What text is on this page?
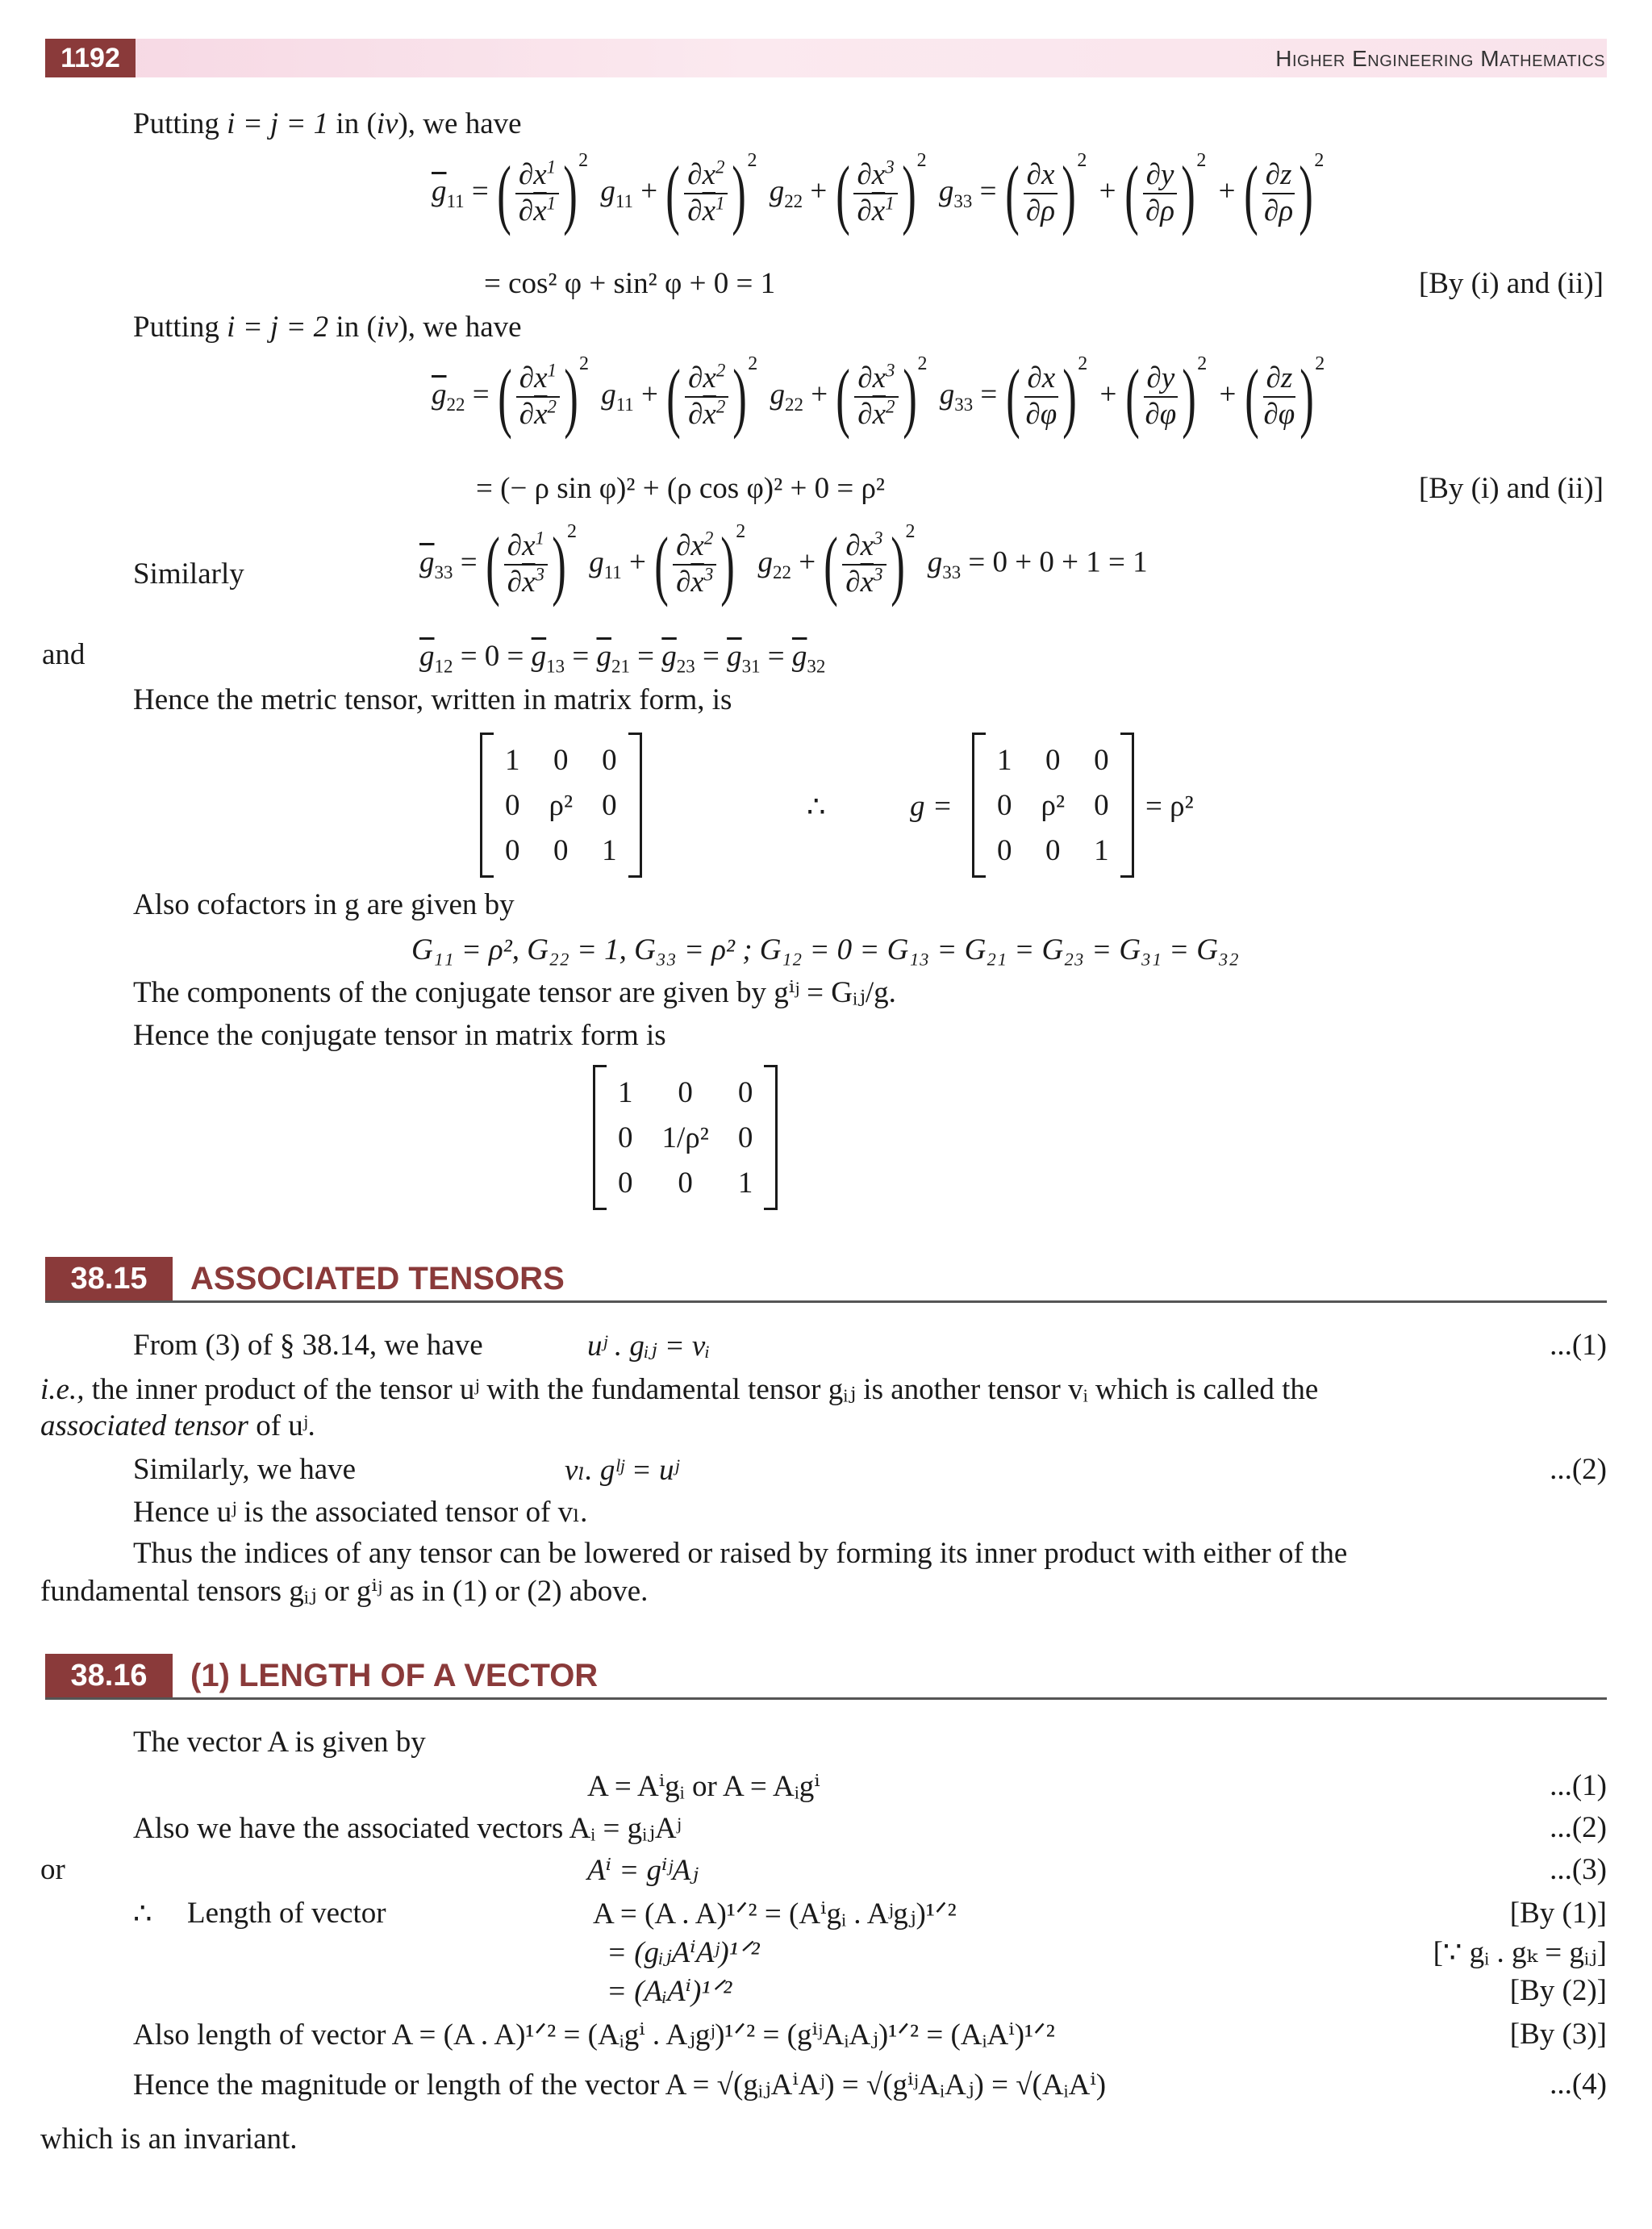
1192	Higher Engineering Mathematics
Putting i = j = 1 in (iv), we have
$\overline{g}_{11}$ = ( $\frac{\partial x^1}{\partial\overline{x}^1} )^2$ $g_{11}$ + ( $\frac{\partial x^2}{\partial\overline{x}^1} )^2$ $g_{22}$ + ( $\frac{\partial x^3}{\partial\overline{x}^1} )^2$ $g_{33}$ = ( $\frac{\partial x}{\partial\rho} )^2$ + ( $\frac{\partial y}{\partial\rho} )^2$ + ( $\frac{\partial z}{\partial\rho} )^2$
= cos² φ + sin² φ + 0 = 1	[By (i) and (ii)]
Putting i = j = 2 in (iv), we have
$\overline{g}_{22}$ = ( $\frac{\partial x^1}{\partial\overline{x}^2} )^2$ $g_{11}$ + ( $\frac{\partial x^2}{\partial\overline{x}^2} )^2$ $g_{22}$ + ( $\frac{\partial x^3}{\partial\overline{x}^2} )^2$ $g_{33}$ = ( $\frac{\partial x}{\partial\varphi} )^2$ + ( $\frac{\partial y}{\partial\varphi} )^2$ + ( $\frac{\partial z}{\partial\varphi} )^2$
= (− ρ sin φ)² + (ρ cos φ)² + 0 = ρ²	[By (i) and (ii)]
Similarly	$\overline{g}_{33}$ = ( $\frac{\partial x^1}{\partial\overline{x}^3} )^2$ $g_{11}$ + ( $\frac{\partial x^2}{\partial\overline{x}^3} )^2$ $g_{22}$ + ( $\frac{\partial x^3}{\partial\overline{x}^3} )^2$ $g_{33} = 0 + 0 + 1 = 1$
and	$\overline{g}_{12} = 0 = \overline{g}_{13} = \overline{g}_{21} = \overline{g}_{23} = \overline{g}_{31} = \overline{g}_{32}$
Hence the metric tensor, written in matrix form, is
1	0	0
0	ρ²	0
0	0	1
∴	g =
1	0	0
0	ρ²	0
0	0	1
= ρ²
Also cofactors in g are given by
G₁₁ = ρ², G₂₂ = 1, G₃₃ = ρ² ; G₁₂ = 0 = G₁₃ = G₂₁ = G₂₃ = G₃₁ = G₃₂
The components of the conjugate tensor are given by gⁱʲ = Gᵢⱼ/g.
Hence the conjugate tensor in matrix form is
1	0	0
0	1/ρ²	0
0	0	1
38.15	ASSOCIATED TENSORS
From (3) of § 38.14, we have	uʲ . gᵢⱼ = vᵢ	...(1)
i.e., the inner product of the tensor uʲ with the fundamental tensor gᵢⱼ is another tensor vᵢ which is called the
associated tensor of uʲ.
Similarly, we have	vₗ. gˡʲ = uʲ	...(2)
Hence uʲ is the associated tensor of vₗ.
Thus the indices of any tensor can be lowered or raised by forming its inner product with either of the
fundamental tensors gᵢⱼ or gⁱʲ as in (1) or (2) above.
38.16	(1) LENGTH OF A VECTOR
The vector A is given by
A = Aⁱgᵢ or A = Aᵢgⁱ	...(1)
Also we have the associated vectors Aᵢ = gᵢⱼAʲ	...(2)
or	Aⁱ = gⁱʲAⱼ	...(3)
∴ Length of vector	A = (A . A)¹ᐟ² = (Aⁱgᵢ . Aʲgⱼ)¹ᐟ²	[By (1)]
= (gᵢⱼAⁱAʲ)¹ᐟ²	[∵ gᵢ . gₖ = gᵢⱼ]
= (AᵢAⁱ)¹ᐟ²	[By (2)]
Also length of vector A = (A . A)¹ᐟ² = (Aᵢgⁱ . Aⱼgʲ)¹ᐟ² = (gⁱʲAᵢAⱼ)¹ᐟ² = (AᵢAⁱ)¹ᐟ²	[By (3)]
Hence the magnitude or length of the vector A = √(gᵢⱼAⁱAʲ) = √(gⁱʲAᵢAⱼ) = √(AᵢAⁱ)	...(4)
which is an invariant.
